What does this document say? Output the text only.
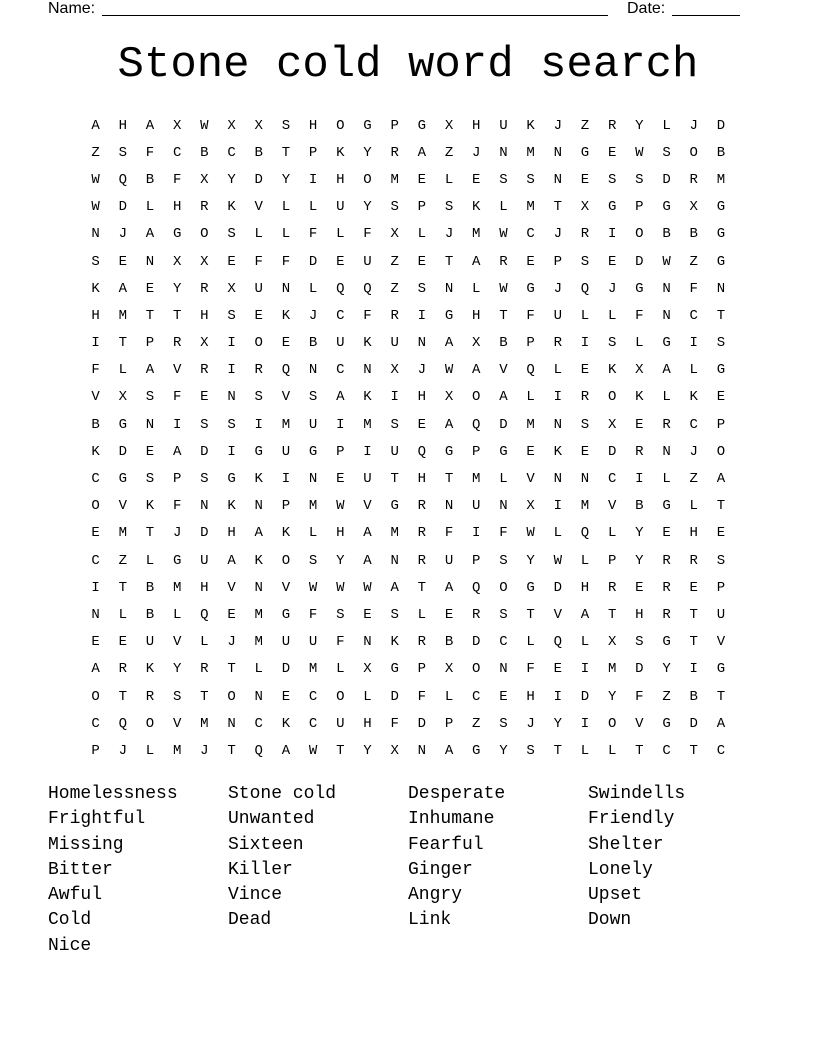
Name:	Date:
Stone cold word search
A	H	A	X	W	X	X	S	H	O	G	P	G	X	H	U	K	J	Z	R	Y	L	J	D
Z	S	F	C	B	C	B	T	P	K	Y	R	A	Z	J	N	M	N	G	E	W	S	O	B
W	Q	B	F	X	Y	D	Y	I	H	O	M	E	L	E	S	S	N	E	S	S	D	R	M
W	D	L	H	R	K	V	L	L	U	Y	S	P	S	K	L	M	T	X	G	P	G	X	G
N	J	A	G	O	S	L	L	F	L	F	X	L	J	M	W	C	J	R	I	O	B	B	G
S	E	N	X	X	E	F	F	D	E	U	Z	E	T	A	R	E	P	S	E	D	W	Z	G
K	A	E	Y	R	X	U	N	L	Q	Q	Z	S	N	L	W	G	J	Q	J	G	N	F	N
H	M	T	T	H	S	E	K	J	C	F	R	I	G	H	T	F	U	L	L	F	N	C	T
I	T	P	R	X	I	O	E	B	U	K	U	N	A	X	B	P	R	I	S	L	G	I	S
F	L	A	V	R	I	R	Q	N	C	N	X	J	W	A	V	Q	L	E	K	X	A	L	G
V	X	S	F	E	N	S	V	S	A	K	I	H	X	O	A	L	I	R	O	K	L	K	E
B	G	N	I	S	S	I	M	U	I	M	S	E	A	Q	D	M	N	S	X	E	R	C	P
K	D	E	A	D	I	G	U	G	P	I	U	Q	G	P	G	E	K	E	D	R	N	J	O
C	G	S	P	S	G	K	I	N	E	U	T	H	T	M	L	V	N	N	C	I	L	Z	A
O	V	K	F	N	K	N	P	M	W	V	G	R	N	U	N	X	I	M	V	B	G	L	T
E	M	T	J	D	H	A	K	L	H	A	M	R	F	I	F	W	L	Q	L	Y	E	H	E
C	Z	L	G	U	A	K	O	S	Y	A	N	R	U	P	S	Y	W	L	P	Y	R	R	S
I	T	B	M	H	V	N	V	W	W	W	A	T	A	Q	O	G	D	H	R	E	R	E	P
N	L	B	L	Q	E	M	G	F	S	E	S	L	E	R	S	T	V	A	T	H	R	T	U
E	E	U	V	L	J	M	U	U	F	N	K	R	B	D	C	L	Q	L	X	S	G	T	V
A	R	K	Y	R	T	L	D	M	L	X	G	P	X	O	N	F	E	I	M	D	Y	I	G
O	T	R	S	T	O	N	E	C	O	L	D	F	L	C	E	H	I	D	Y	F	Z	B	T
C	Q	O	V	M	N	C	K	C	U	H	F	D	P	Z	S	J	Y	I	O	V	G	D	A
P	J	L	M	J	T	Q	A	W	T	Y	X	N	A	G	Y	S	T	L	L	T	C	T	C
Homelessness	Stone cold	Desperate	Swindells
Frightful	Unwanted	Inhumane	Friendly
Missing	Sixteen	Fearful	Shelter
Bitter	Killer	Ginger	Lonely
Awful	Vince	Angry	Upset
Cold	Dead	Link	Down
Nice
